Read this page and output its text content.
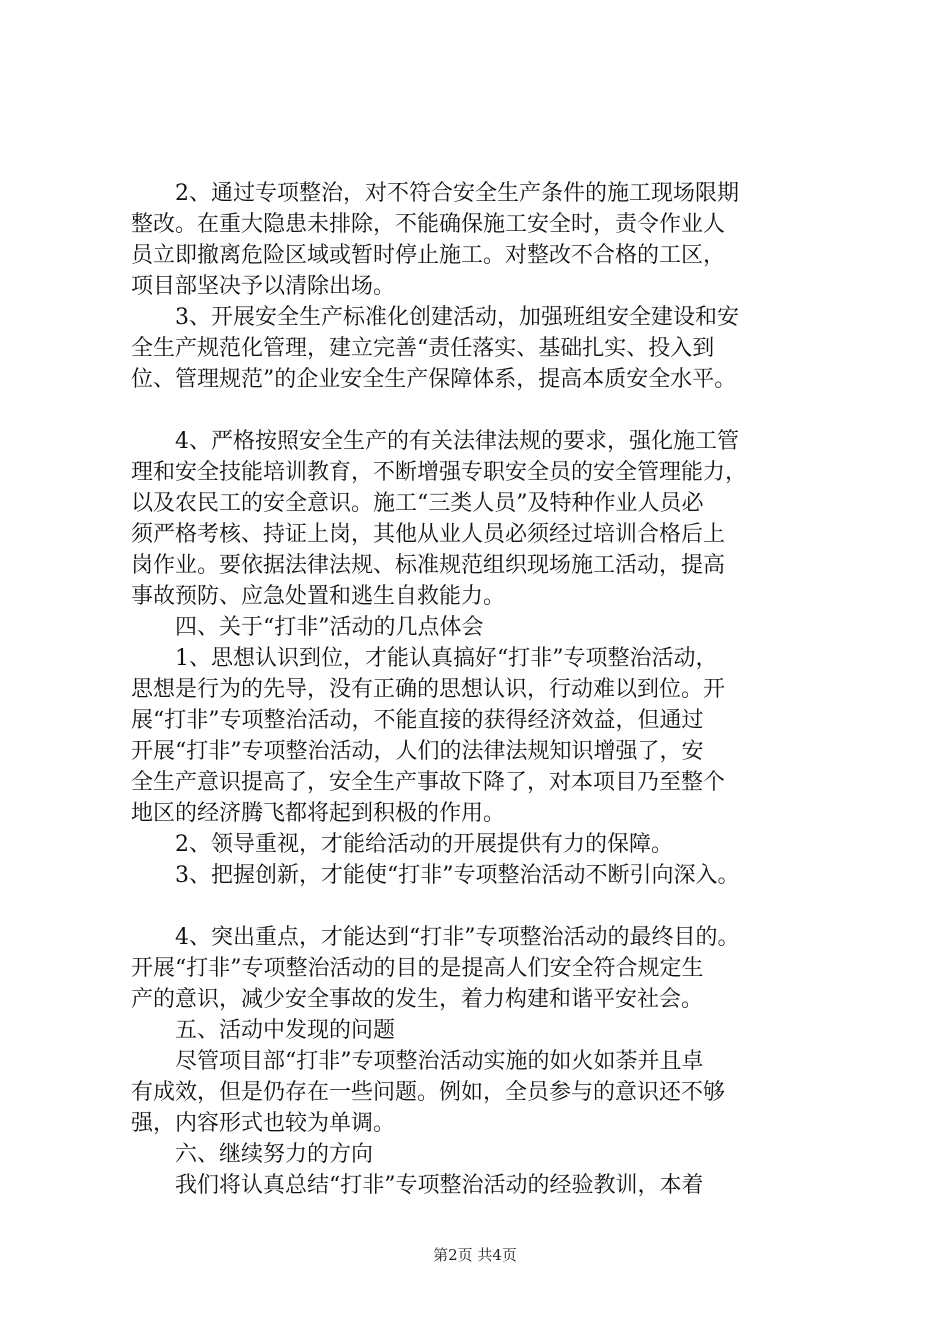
　　2、通过专项整治，对不符合安全生产条件的施工现场限期
整改。在重大隐患未排除，不能确保施工安全时，责令作业人
员立即撤离危险区域或暂时停止施工。对整改不合格的工区，
项目部坚决予以清除出场。
　　3、开展安全生产标准化创建活动，加强班组安全建设和安
全生产规范化管理，建立完善“责任落实、基础扎实、投入到
位、管理规范”的企业安全生产保障体系，提高本质安全水平。
　　4、严格按照安全生产的有关法律法规的要求，强化施工管
理和安全技能培训教育，不断增强专职安全员的安全管理能力，
以及农民工的安全意识。施工“三类人员”及特种作业人员必
须严格考核、持证上岗，其他从业人员必须经过培训合格后上
岗作业。要依据法律法规、标准规范组织现场施工活动，提高
事故预防、应急处置和逃生自救能力。
　　四、关于“打非”活动的几点体会
　　1、思想认识到位，才能认真搞好“打非”专项整治活动，
思想是行为的先导，没有正确的思想认识，行动难以到位。开
展“打非”专项整治活动，不能直接的获得经济效益，但通过
开展“打非”专项整治活动，人们的法律法规知识增强了，安
全生产意识提高了，安全生产事故下降了，对本项目乃至整个
地区的经济腾飞都将起到积极的作用。
　　2、领导重视，才能给活动的开展提供有力的保障。
　　3、把握创新，才能使“打非”专项整治活动不断引向深入。
　　4、突出重点，才能达到“打非”专项整治活动的最终目的。
开展“打非”专项整治活动的目的是提高人们安全符合规定生
产的意识，减少安全事故的发生，着力构建和谐平安社会。
　　五、活动中发现的问题
　　尽管项目部“打非”专项整治活动实施的如火如荼并且卓
有成效，但是仍存在一些问题。例如，全员参与的意识还不够
强，内容形式也较为单调。
　　六、继续努力的方向
　　我们将认真总结“打非”专项整治活动的经验教训，本着
第2页 共4页
